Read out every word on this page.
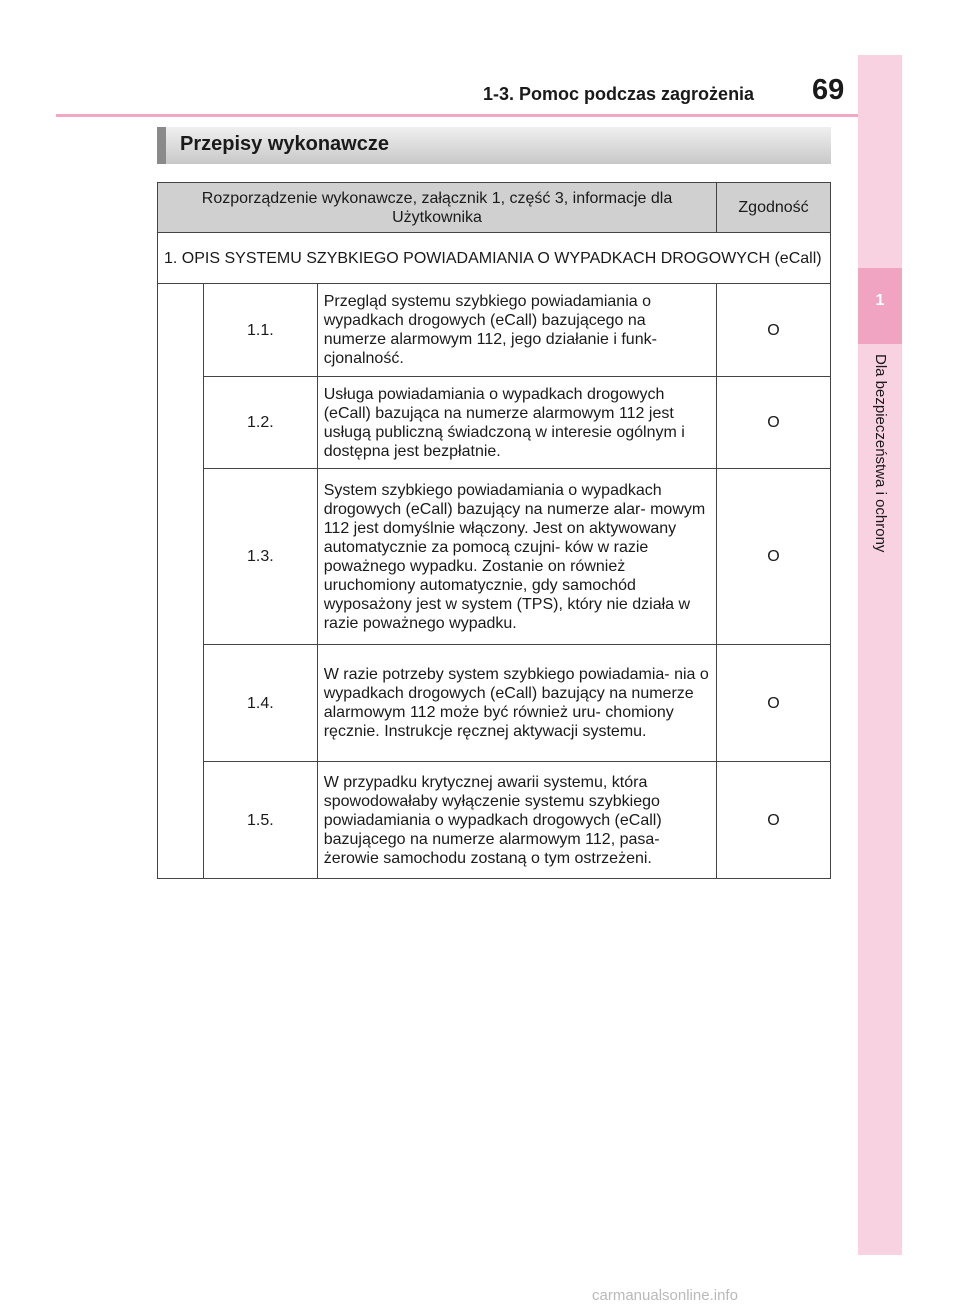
1-3. Pomoc podczas zagrożenia 69
1
Dla bezpieczeństwa i ochrony
Przepisy wykonawcze
Rozporządzenie wykonawcze, załącznik 1, część 3, informacje dla Użytkownika			Zgodność
1. OPIS SYSTEMU SZYBKIEGO POWIADAMIANIA O WYPADKACH DROGOWYCH (eCall)			
	1.1.	Przegląd systemu szybkiego powiadamiania o wypadkach drogowych (eCall) bazującego na numerze alarmowym 112, jego działanie i funk- cjonalność.	O
	1.2.	Usługa powiadamiania o wypadkach drogowych (eCall) bazująca na numerze alarmowym 112 jest usługą publiczną świadczoną w interesie ogólnym i dostępna jest bezpłatnie.	O
	1.3.	System szybkiego powiadamiania o wypadkach drogowych (eCall) bazujący na numerze alar- mowym 112 jest domyślnie włączony. Jest on aktywowany automatycznie za pomocą czujni- ków w razie poważnego wypadku. Zostanie on również uruchomiony automatycznie, gdy samochód wyposażony jest w system (TPS), który nie działa w razie poważnego wypadku.	O
	1.4.	W razie potrzeby system szybkiego powiadamia- nia o wypadkach drogowych (eCall) bazujący na numerze alarmowym 112 może być również uru- chomiony ręcznie. Instrukcje ręcznej aktywacji systemu.	O
	1.5.	W przypadku krytycznej awarii systemu, która spowodowałaby wyłączenie systemu szybkiego powiadamiania o wypadkach drogowych (eCall) bazującego na numerze alarmowym 112, pasa- żerowie samochodu zostaną o tym ostrzeżeni.	O
carmanualsonline.info
